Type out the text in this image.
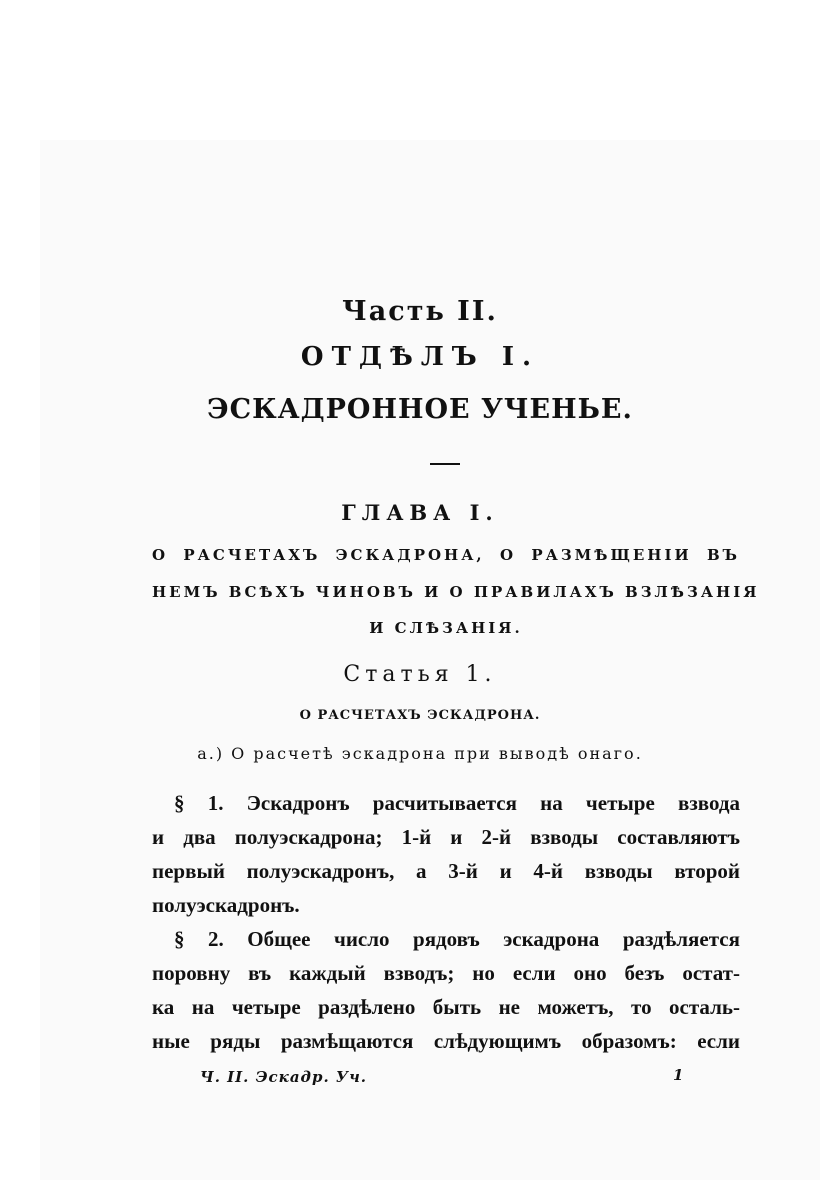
Часть II.
ОТДѢЛЪ I.
ЭСКАДРОННОЕ УЧЕНЬЕ.
ГЛАВА I.
О РАСЧЕТАХЪ ЭСКАДРОНА, О РАЗМѢЩЕНІИ ВЪ
НЕМЪ ВСѢХЪ ЧИНОВЪ И О ПРАВИЛАХЪ ВЗЛѢЗАНІЯ
И СЛѢЗАНІЯ.
Статья 1.
О РАСЧЕТАХЪ ЭСКАДРОНА.
а.) О расчетѣ эскадрона при выводѣ онаго.
§ 1. Эскадронъ расчитывается на четыре взвода
и два полуэскадрона; 1-й и 2-й взводы составляютъ
первый полуэскадронъ, а 3-й и 4-й взводы второй
полуэскадронъ.
§ 2. Общее число рядовъ эскадрона раздѣляется
поровну въ каждый взводъ; но если оно безъ остат-
ка на четыре раздѣлено быть не можетъ, то осталь-
ные ряды размѣщаются слѣдующимъ образомъ: если
Ч. II. Эскадр. Уч.	1
